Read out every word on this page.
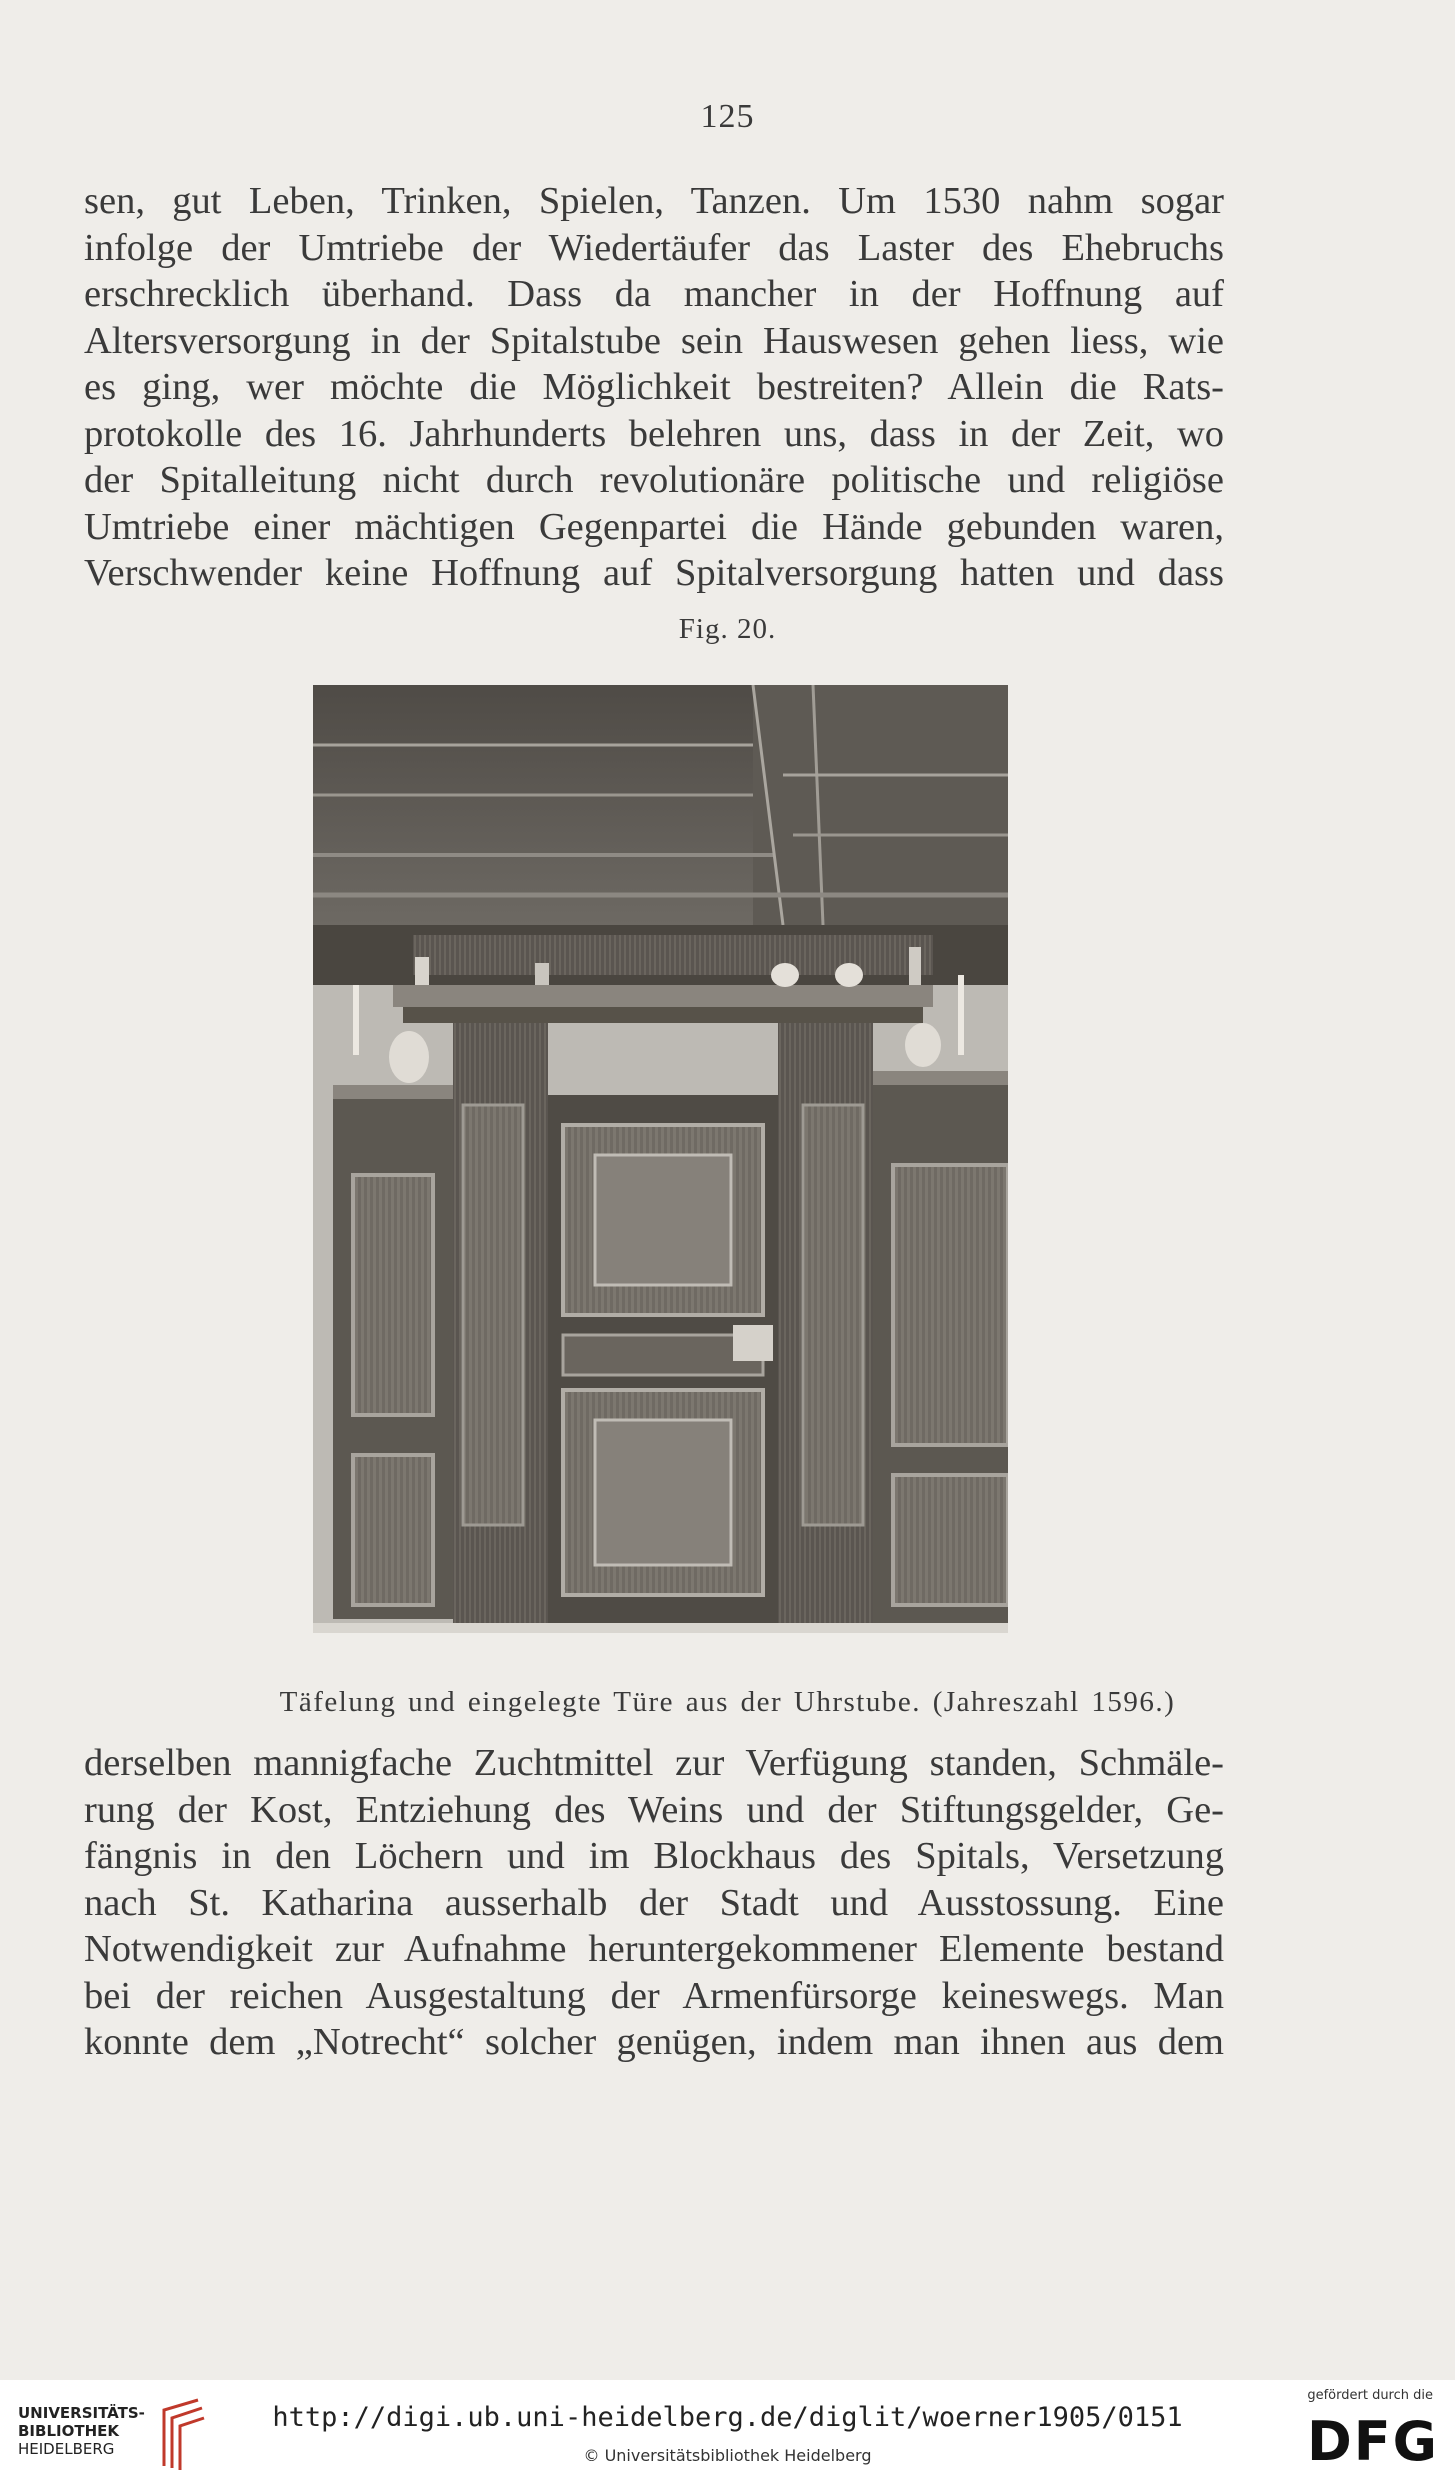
125
sen, gut Leben, Trinken, Spielen, Tanzen. Um 1530 nahm sogar
infolge der Umtriebe der Wiedertäufer das Laster des Ehebruchs
erschrecklich überhand. Dass da mancher in der Hoffnung auf
Altersversorgung in der Spitalstube sein Hauswesen gehen liess, wie
es ging, wer möchte die Möglichkeit bestreiten? Allein die Rats-
protokolle des 16. Jahrhunderts belehren uns, dass in der Zeit, wo
der Spitalleitung nicht durch revolutionäre politische und religiöse
Umtriebe einer mächtigen Gegenpartei die Hände gebunden waren,
Verschwender keine Hoffnung auf Spitalversorgung hatten und dass
Fig. 20.
Täfelung und eingelegte Türe aus der Uhrstube. (Jahreszahl 1596.)
derselben mannigfache Zuchtmittel zur Verfügung standen, Schmäle-
rung der Kost, Entziehung des Weins und der Stiftungsgelder, Ge-
fängnis in den Löchern und im Blockhaus des Spitals, Versetzung
nach St. Katharina ausserhalb der Stadt und Ausstossung. Eine
Notwendigkeit zur Aufnahme heruntergekommener Elemente bestand
bei der reichen Ausgestaltung der Armenfürsorge keineswegs. Man
konnte dem „Notrecht“ solcher genügen, indem man ihnen aus dem
UNIVERSITÄTS-
BIBLIOTHEK
HEIDELBERG
http://digi.ub.uni-heidelberg.de/diglit/woerner1905/0151
© Universitätsbibliothek Heidelberg
gefördert durch die
DFG
